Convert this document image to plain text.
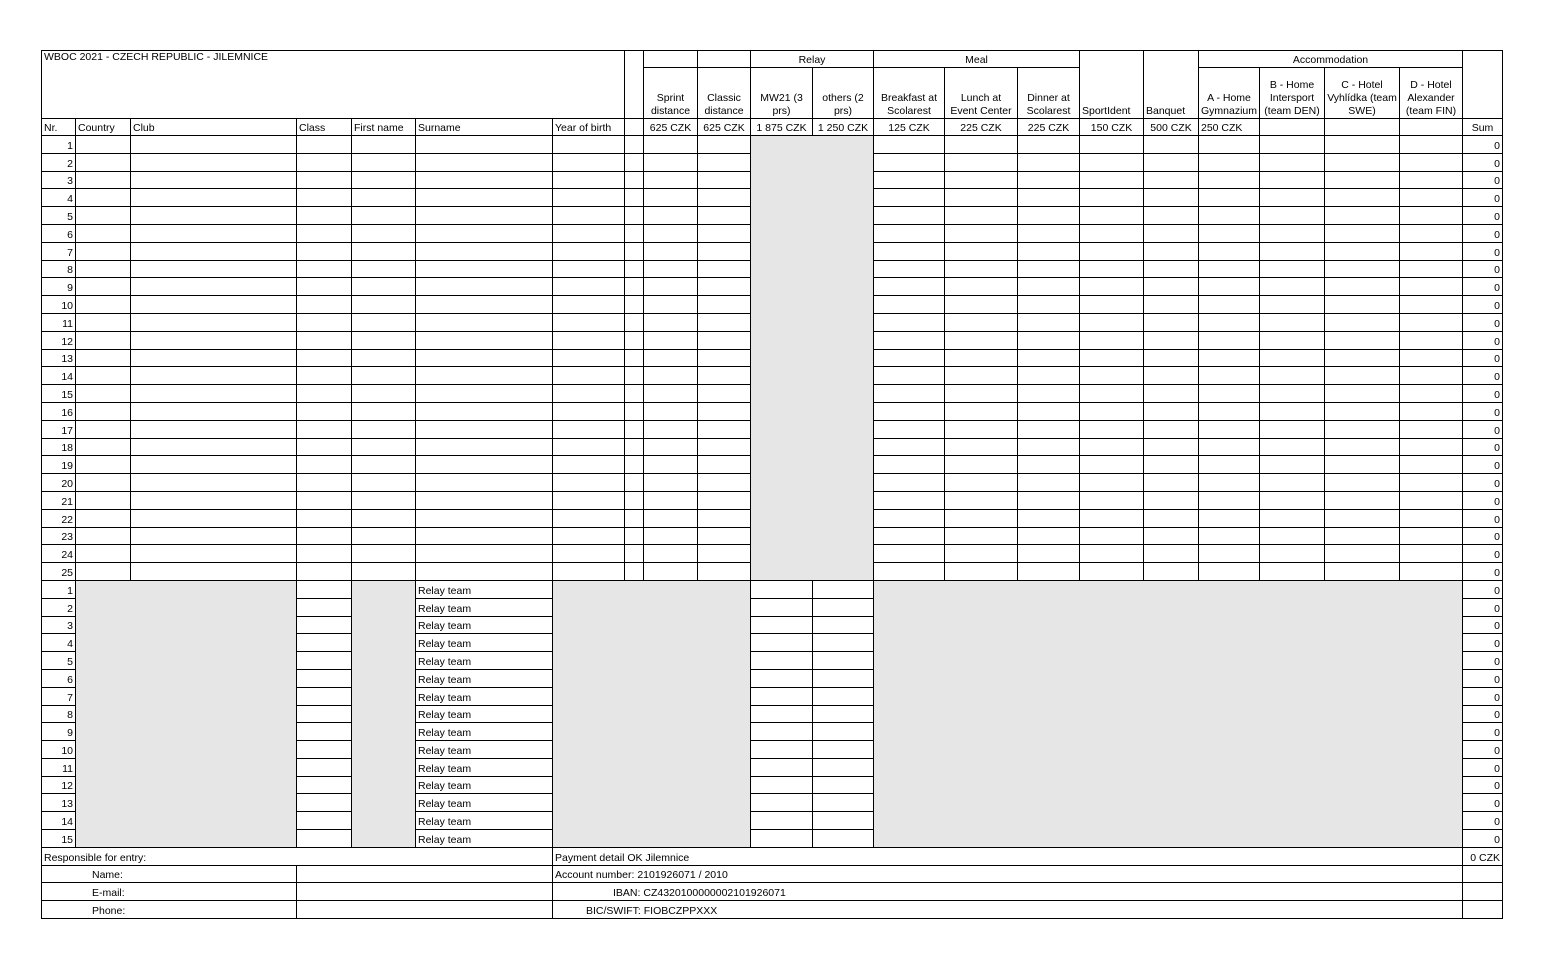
WBOC 2021 - CZECH REPUBLIC - JILEMNICE										Relay		Meal					Accommodation				
								Sprint distance	Classic distance	MW21 (3 prs)	others (2 prs)	Breakfast at Scolarest	Lunch at Event Center	Dinner at Scolarest	SportIdent	Banquet	A - Home Gymnazium	B - Home Intersport (team DEN)	C - Hotel Vyhlídka (team SWE)	D - Hotel Alexander (team FIN)	
Nr.	Country	Club	Class	First name	Surname	Year of birth		625 CZK	625 CZK	1 875 CZK	1 250 CZK	125 CZK	225 CZK	225 CZK	150 CZK	500 CZK	250 CZK				Sum
1																					0
2																					0
3																					0
4																					0
5																					0
6																					0
7																					0
8																					0
9																					0
10																					0
11																					0
12																					0
13																					0
14																					0
15																					0
16																					0
17																					0
18																					0
19																					0
20																					0
21																					0
22																					0
23																					0
24																					0
25																					0
1					Relay team																0
2					Relay team																0
3					Relay team																0
4					Relay team																0
5					Relay team																0
6					Relay team																0
7					Relay team																0
8					Relay team																0
9					Relay team																0
10					Relay team																0
11					Relay team																0
12					Relay team																0
13					Relay team																0
14					Relay team																0
15					Relay team																0
Responsible for entry:						Payment detail OK Jilemnice															0 CZK
Name:						Account number: 2101926071 / 2010															
E-mail:						IBAN: CZ4320100000002101926071															
Phone:						BIC/SWIFT: FIOBCZPPXXX															
